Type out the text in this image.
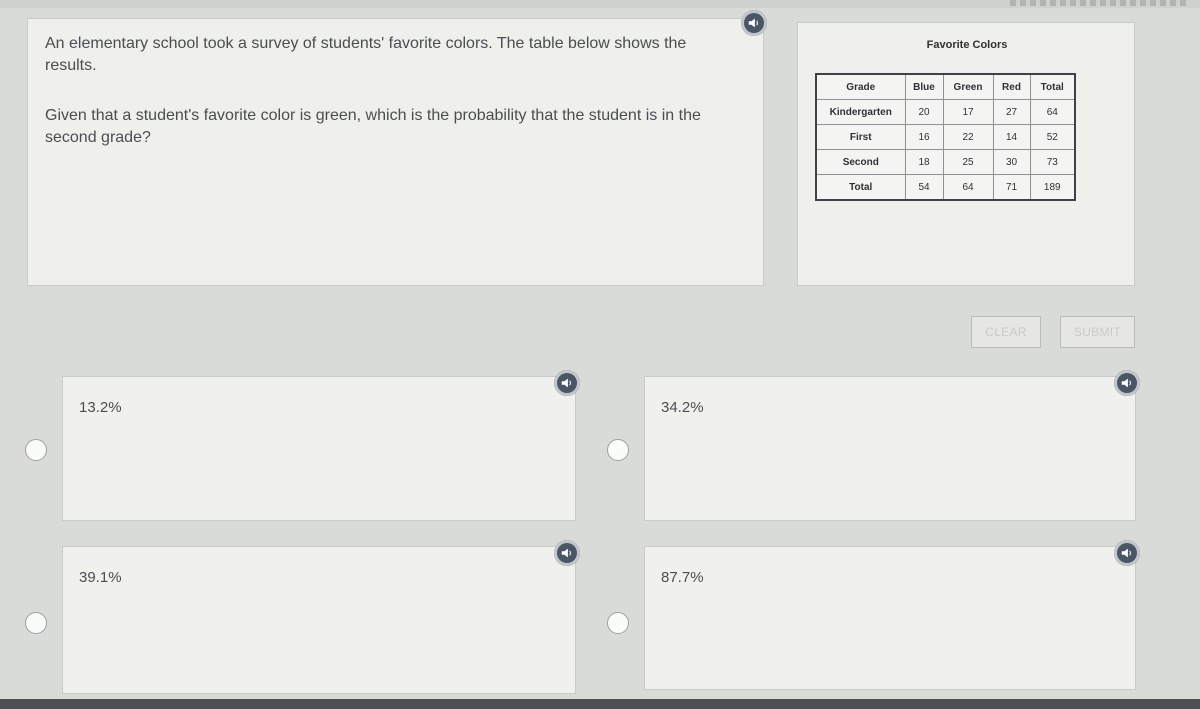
An elementary school took a survey of students' favorite colors. The table below shows the results.
Given that a student's favorite color is green, which is the probability that the student is in the second grade?
Favorite Colors
Grade	Blue	Green	Red	Total
Kindergarten	20	17	27	64
First	16	22	14	52
Second	18	25	30	73
Total	54	64	71	189
CLEAR	SUBMIT
13.2%	34.2%
39.1%	87.7%
